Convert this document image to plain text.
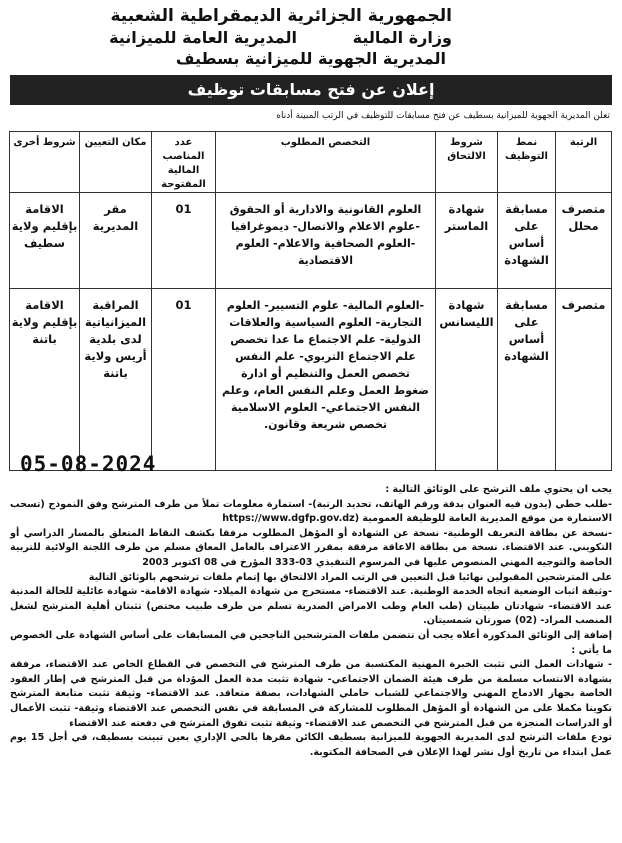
الجمهورية الجزائرية الديمقراطية الشعبية
وزارة المالية          المديرية العامة للميزانية
المديرية الجهوية للميزانية بسطيف
إعلان عن فتح مسابقات توظيف
تعلن المديرية الجهوية للميزانية بسطيف عن فتح مسابقات للتوظيف في الرتب المبينة أدناه
الرتبة	نمط التوظيف	شروط الالتحاق	التخصص المطلوب	عدد المناصب المالية المفتوحة	مكان التعيين	شروط أخرى
متصرف محلل	مسابقة على أساس الشهادة	شهادة الماستر	العلوم القانونية والادارية أو الحقوق -علوم الاعلام والاتصال- ديموغرافيا -العلوم الصحافية والاعلام- العلوم الاقتصادية	01	مقر المديرية	الاقامة بإقليم ولاية سطيف
متصرف	مسابقة على أساس الشهادة	شهادة الليسانس	-العلوم المالية- علوم التسيير- العلوم التجارية- العلوم السياسية والعلاقات الدولية- علم الاجتماع ما عدا تخصص علم الاجتماع التربوي- علم النفس تخصص العمل والتنظيم أو ادارة ضغوط العمل وعلم النفس العام، وعلم النفس الاجتماعي- العلوم الاسلامية تخصص شريعة وقانون.	01	المراقبة الميزانياتية لدى بلدية أريس ولاية باتنة	الاقامة بإقليم ولاية باتنة
05-08-2024

يجب ان يحتوي ملف الترشح على الوثائق التالية :

-طلب خطي (يدون فيه العنوان بدقة ورقم الهاتف، تحديد الرتبة)- استمارة معلومات تملأ من طرف المترشح وفق النموذج (تسحب الاستمارة من موقع المديرية العامة للوظيفة العمومية (https://www.dgfp.gov.dz

-نسخة عن بطاقة التعريف الوطنية- نسخة عن الشهادة أو المؤهل المطلوب مرفقا بكشف النقاط المتعلق بالمسار الدراسي أو التكويني. عند الاقتضاء. نسخة من بطاقة الاعاقة مرفقة بمقرر الاعتراف بالعامل المعاق مسلم من طرف اللجنة الولائية للتربية الخاصة والتوجيه المهني المنصوص عليها في المرسوم التنفيذي 03-333 المؤرخ في 08 اكتوبر 2003

على المترشحين المقبولين نهائيا قبل التعيين في الرتب المراد الالتحاق بها إتمام ملفات ترشحهم بالوثائق التالية

-وثيقة اثبات الوضعية اتجاه الخدمة الوطنية. عند الاقتضاء- مستخرج من شهادة الميلاد- شهادة الاقامة- شهادة عائلية للحالة المدنية عند الاقتضاء- شهادتان طبيتان (طب العام وطب الامراض الصدرية تسلم من طرف طبيب مختص) تثبتان أهلية المترشح لشغل المنصب المراد- (02) صورتان شمسيتان.

إضافة إلى الوثائق المذكورة أعلاه يجب أن تتضمن ملفات المترشحين الناجحين في المسابقات على أساس الشهادة على الخصوص ما يأتي :

- شهادات العمل التي تثبت الخبرة المهنية المكتسبة من طرف المترشح في التخصص في القطاع الخاص عند الاقتضاء، مرفقة بشهادة الانتساب مسلمة من طرف هيئة الضمان الاجتماعي- شهادة تثبت مدة العمل المؤداة من قبل المترشح في إطار العقود الخاصة بجهاز الادماج المهني والاجتماعي للشباب حاملي الشهادات، بصفة متعاقد. عند الاقتضاء- وثيقة تثبت متابعة المترشح تكوينا مكملا على من الشهادة أو المؤهل المطلوب للمشاركة في المسابقة في نفس التخصص عند الاقتضاء وثيقة- تثبت الأعمال أو الدراسات المنجزة من قبل المترشح في التخصص عند الاقتضاء- وثيقة تثبت تفوق المترشح في دفعته عند الاقتضاء

تودع ملفات الترشح لدى المديرية الجهوية للميزانية بسطيف الكائن مقرها بالحي الإداري بعين تبينت بسطيف، في أجل 15 يوم عمل ابتداء من تاريخ أول نشر لهذا الإعلان في الصحافة المكتوبة.
